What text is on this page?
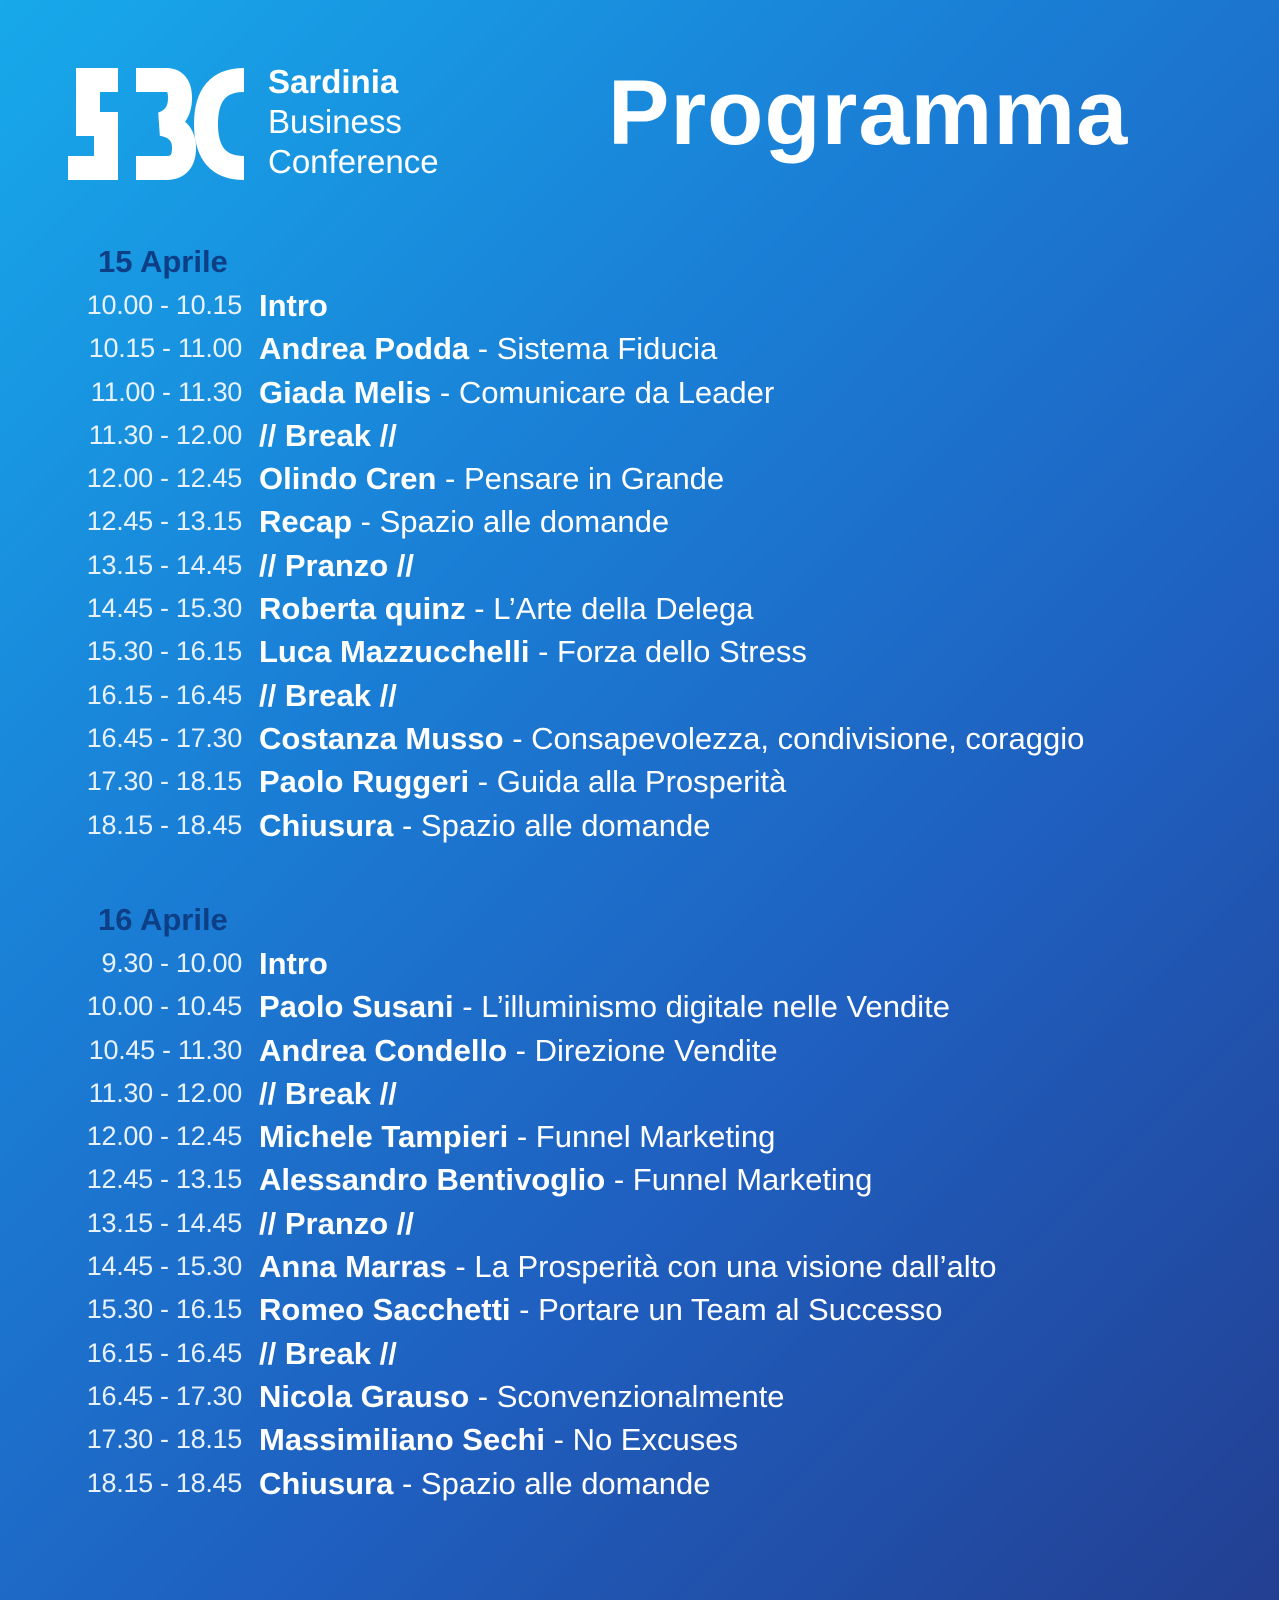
Sardinia
Business
Conference Programma
15 Aprile
10.00 - 10.15 Intro
10.15 - 11.00 Andrea Podda - Sistema Fiducia
11.00 - 11.30 Giada Melis - Comunicare da Leader
11.30 - 12.00 // Break //
12.00 - 12.45 Olindo Cren - Pensare in Grande
12.45 - 13.15 Recap - Spazio alle domande
13.15 - 14.45 // Pranzo //
14.45 - 15.30 Roberta quinz - L’Arte della Delega
15.30 - 16.15 Luca Mazzucchelli - Forza dello Stress
16.15 - 16.45 // Break //
16.45 - 17.30 Costanza Musso - Consapevolezza, condivisione, coraggio
17.30 - 18.15 Paolo Ruggeri - Guida alla Prosperità
18.15 - 18.45 Chiusura - Spazio alle domande
16 Aprile
9.30 - 10.00 Intro
10.00 - 10.45 Paolo Susani - L’illuminismo digitale nelle Vendite
10.45 - 11.30 Andrea Condello - Direzione Vendite
11.30 - 12.00 // Break //
12.00 - 12.45 Michele Tampieri - Funnel Marketing
12.45 - 13.15 Alessandro Bentivoglio - Funnel Marketing
13.15 - 14.45 // Pranzo //
14.45 - 15.30 Anna Marras - La Prosperità con una visione dall’alto
15.30 - 16.15 Romeo Sacchetti - Portare un Team al Successo
16.15 - 16.45 // Break //
16.45 - 17.30 Nicola Grauso - Sconvenzionalmente
17.30 - 18.15 Massimiliano Sechi - No Excuses
18.15 - 18.45 Chiusura - Spazio alle domande
